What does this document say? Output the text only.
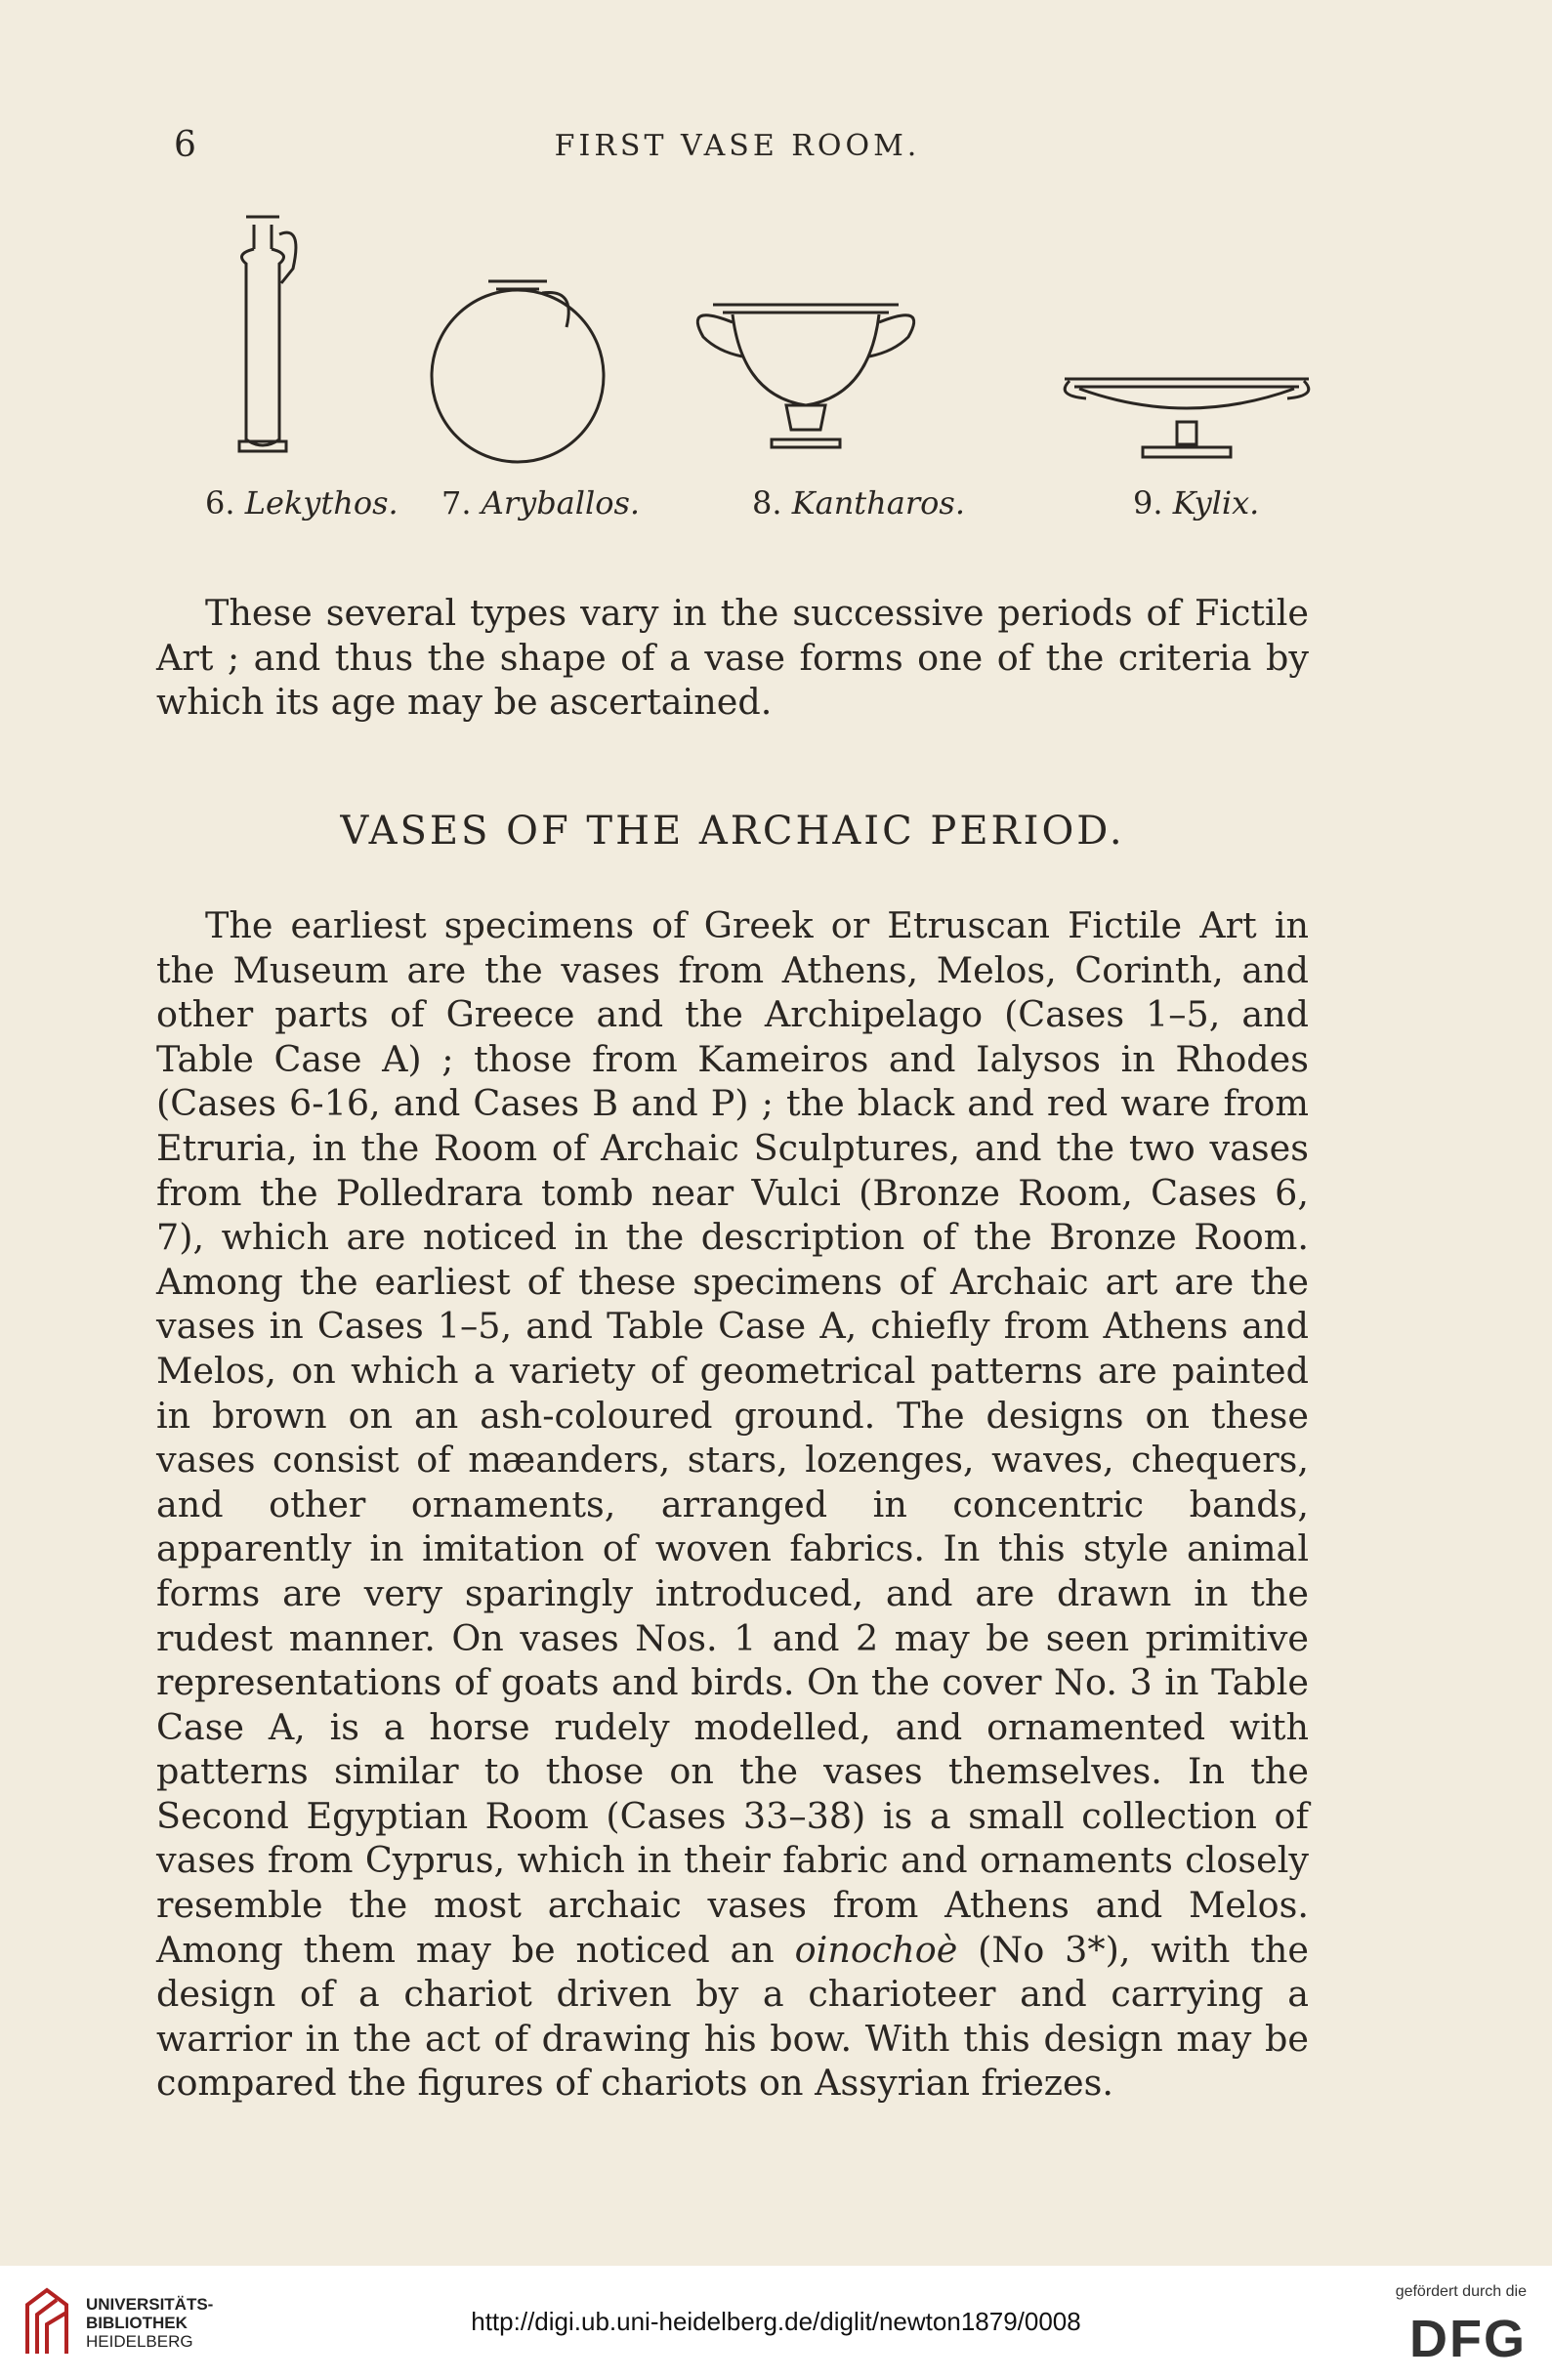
6	FIRST VASE ROOM.
6. Lekythos. 7. Aryballos.	8. Kantharos.	9. Kylix.

These several types vary in the successive periods of Fictile Art ; and thus the shape of a vase forms one of the criteria by which its age may be ascertained.

VASES OF THE ARCHAIC PERIOD.

The earliest specimens of Greek or Etruscan Fictile Art in the Museum are the vases from Athens, Melos, Corinth, and other parts of Greece and the Archipelago (Cases 1–5, and Table Case A) ; those from Kameiros and Ialysos in Rhodes (Cases 6-16, and Cases B and P) ; the black and red ware from Etruria, in the Room of Archaic Sculptures, and the two vases from the Polledrara tomb near Vulci (Bronze Room, Cases 6, 7), which are noticed in the description of the Bronze Room. Among the earliest of these specimens of Archaic art are the vases in Cases 1–5, and Table Case A, chiefly from Athens and Melos, on which a variety of geometrical patterns are painted in brown on an ash-coloured ground. The designs on these vases consist of mæanders, stars, lozenges, waves, chequers, and other ornaments, arranged in concentric bands, apparently in imitation of woven fabrics. In this style animal forms are very sparingly introduced, and are drawn in the rudest manner. On vases Nos. 1 and 2 may be seen primitive representations of goats and birds. On the cover No. 3 in Table Case A, is a horse rudely modelled, and ornamented with patterns similar to those on the vases themselves. In the Second Egyptian Room (Cases 33–38) is a small collection of vases from Cyprus, which in their fabric and ornaments closely resemble the most archaic vases from Athens and Melos. Among them may be noticed an oinochoè (No 3*), with the design of a chariot driven by a charioteer and carrying a warrior in the act of drawing his bow. With this design may be compared the figures of chariots on Assyrian friezes.

UNIVERSITÄTS-
BIBLIOTHEK
HEIDELBERG
http://digi.ub.uni-heidelberg.de/diglit/newton1879/0008
gefördert durch die
DFG
